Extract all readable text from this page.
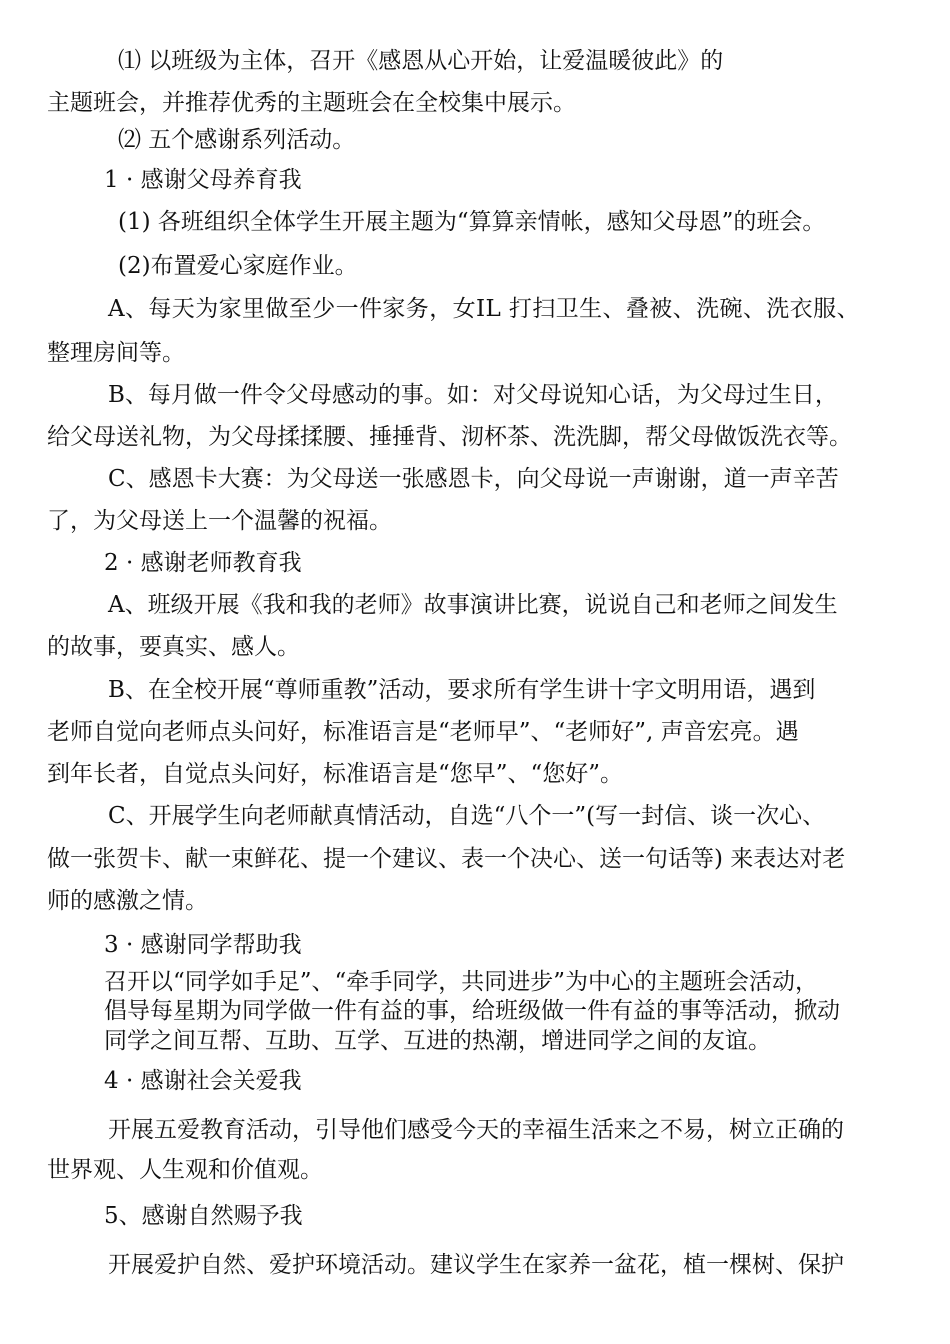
⑴ 以班级为主体，召开《感恩从心开始，让爱温暖彼此》的
主题班会，并推荐优秀的主题班会在全校集中展示。
⑵ 五个感谢系列活动。
1 · 感谢父母养育我
(1) 各班组织全体学生开展主题为“算算亲情帐，感知父母恩”的班会。
(2)布置爱心家庭作业。
A、每天为家里做至少一件家务，女IL 打扫卫生、叠被、洗碗、洗衣服、
整理房间等。
B、每月做一件令父母感动的事。如：对父母说知心话，为父母过生日，
给父母送礼物，为父母揉揉腰、捶捶背、沏杯茶、洗洗脚，帮父母做饭洗衣等。
C、感恩卡大赛：为父母送一张感恩卡，向父母说一声谢谢，道一声辛苦
了，为父母送上一个温馨的祝福。
2 · 感谢老师教育我
A、班级开展《我和我的老师》故事演讲比赛，说说自己和老师之间发生
的故事，要真实、感人。
B、在全校开展“尊师重教”活动，要求所有学生讲十字文明用语，遇到
老师自觉向老师点头问好，标准语言是“老师早”、“老师好”, 声音宏亮。遇
到年长者，自觉点头问好，标准语言是“您早”、“您好”。
C、开展学生向老师献真情活动，自选“八个一”(写一封信、谈一次心、
做一张贺卡、献一束鲜花、提一个建议、表一个决心、送一句话等) 来表达对老
师的感激之情。
3 · 感谢同学帮助我
召开以“同学如手足”、“牵手同学，共同进步”为中心的主题班会活动，
倡导每星期为同学做一件有益的事，给班级做一件有益的事等活动，掀动
同学之间互帮、互助、互学、互进的热潮，增进同学之间的友谊。
4 · 感谢社会关爱我
开展五爱教育活动，引导他们感受今天的幸福生活来之不易，树立正确的
世界观、人生观和价值观。
5、感谢自然赐予我
开展爱护自然、爱护环境活动。建议学生在家养一盆花，植一棵树、保护
